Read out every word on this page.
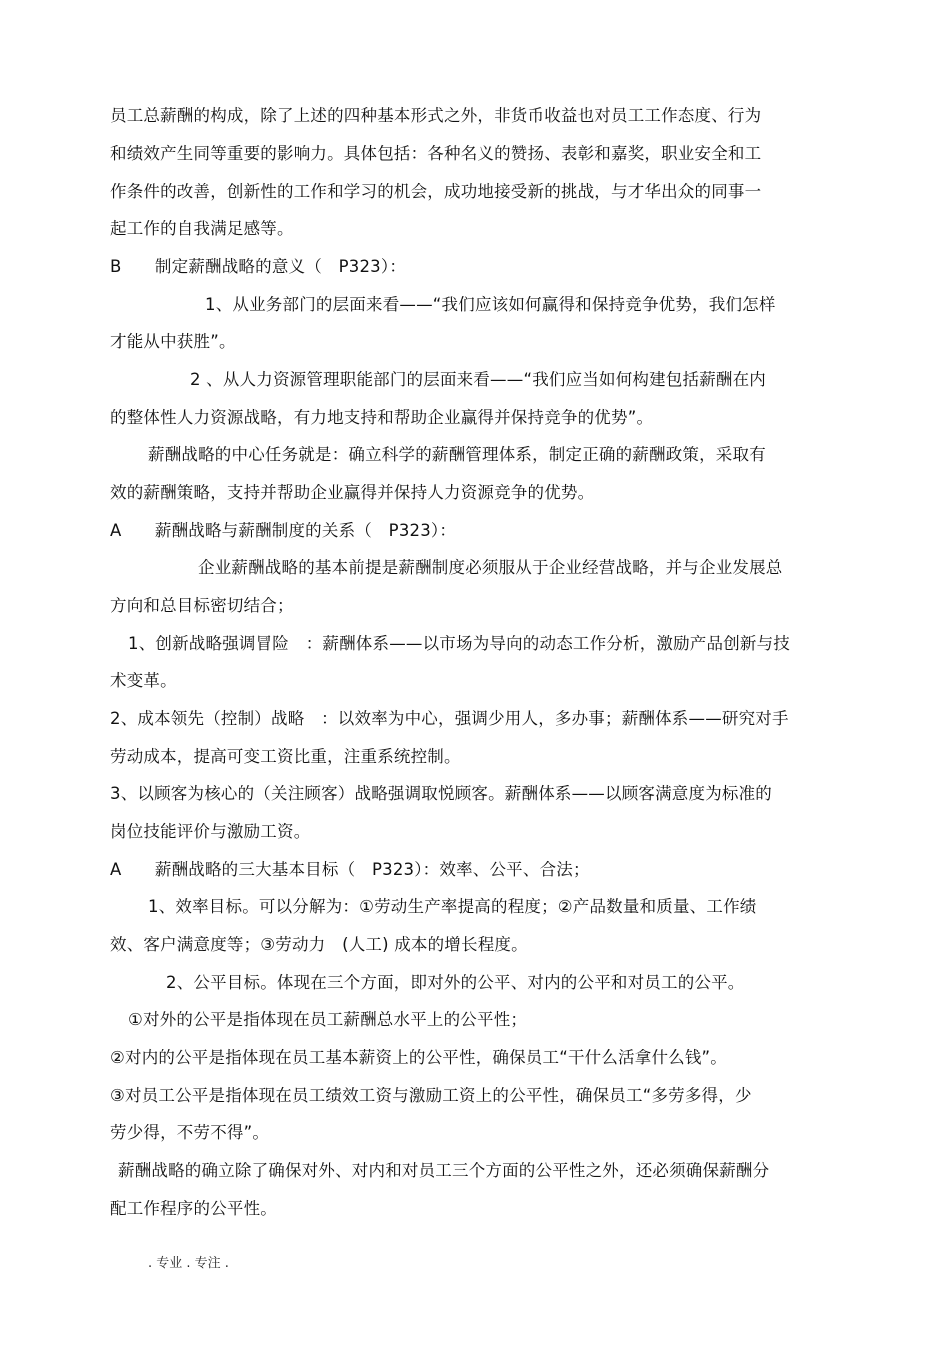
员工总薪酬的构成，除了上述的四种基本形式之外，非货币收益也对员工工作态度、行为
和绩效产生同等重要的影响力。具体包括：各种名义的赞扬、表彰和嘉奖，职业安全和工
作条件的改善，创新性的工作和学习的机会，成功地接受新的挑战，与才华出众的同事一
起工作的自我满足感等。
B　　制定薪酬战略的意义（　P323）：
1、从业务部门的层面来看——“我们应该如何赢得和保持竞争优势，我们怎样
才能从中获胜”。
2 、从人力资源管理职能部门的层面来看——“我们应当如何构建包括薪酬在内
的整体性人力资源战略，有力地支持和帮助企业赢得并保持竞争的优势”。
薪酬战略的中心任务就是：确立科学的薪酬管理体系，制定正确的薪酬政策，采取有
效的薪酬策略，支持并帮助企业赢得并保持人力资源竞争的优势。
A　　薪酬战略与薪酬制度的关系（　P323）：
企业薪酬战略的基本前提是薪酬制度必须服从于企业经营战略，并与企业发展总
方向和总目标密切结合；
1、创新战略强调冒险　：薪酬体系——以市场为导向的动态工作分析，激励产品创新与技
术变革。
2、成本领先（控制）战略　：以效率为中心，强调少用人，多办事；薪酬体系——研究对手
劳动成本，提高可变工资比重，注重系统控制。
3、以顾客为核心的（关注顾客）战略强调取悦顾客。薪酬体系——以顾客满意度为标准的
岗位技能评价与激励工资。
A　　薪酬战略的三大基本目标（　P323）：效率、公平、合法；
1、效率目标。可以分解为：①劳动生产率提高的程度；②产品数量和质量、工作绩
效、客户满意度等；③劳动力　(人工) 成本的增长程度。
2、公平目标。体现在三个方面，即对外的公平、对内的公平和对员工的公平。
①对外的公平是指体现在员工薪酬总水平上的公平性；
②对内的公平是指体现在员工基本薪资上的公平性，确保员工“干什么活拿什么钱”。
③对员工公平是指体现在员工绩效工资与激励工资上的公平性，确保员工“多劳多得，少
劳少得，不劳不得”。
薪酬战略的确立除了确保对外、对内和对员工三个方面的公平性之外，还必须确保薪酬分
配工作程序的公平性。
. 专业 . 专注 .
